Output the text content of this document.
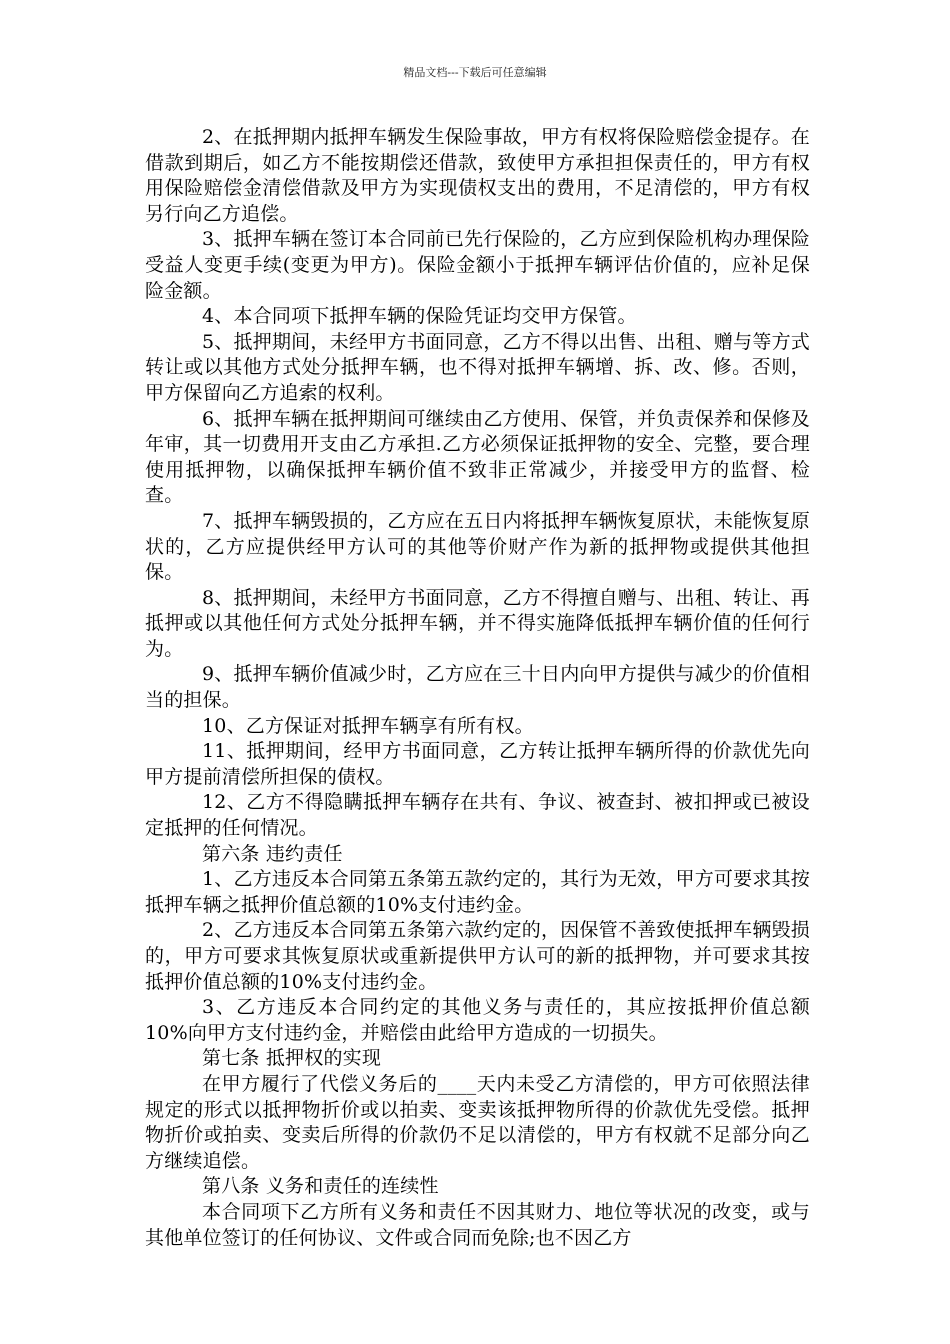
精品文档---下载后可任意编辑

2、在抵押期内抵押车辆发生保险事故，甲方有权将保险赔偿金提存。在借款到期后，如乙方不能按期偿还借款，致使甲方承担担保责任的，甲方有权用保险赔偿金清偿借款及甲方为实现债权支出的费用，不足清偿的，甲方有权另行向乙方追偿。

3、抵押车辆在签订本合同前已先行保险的，乙方应到保险机构办理保险受益人变更手续(变更为甲方)。保险金额小于抵押车辆评估价值的，应补足保险金额。

4、本合同项下抵押车辆的保险凭证均交甲方保管。

5、抵押期间，未经甲方书面同意，乙方不得以出售、出租、赠与等方式转让或以其他方式处分抵押车辆，也不得对抵押车辆增、拆、改、修。否则，甲方保留向乙方追索的权利。

6、抵押车辆在抵押期间可继续由乙方使用、保管，并负责保养和保修及年审，其一切费用开支由乙方承担.乙方必须保证抵押物的安全、完整，要合理使用抵押物，以确保抵押车辆价值不致非正常减少，并接受甲方的监督、检查。

7、抵押车辆毁损的，乙方应在五日内将抵押车辆恢复原状，未能恢复原状的，乙方应提供经甲方认可的其他等价财产作为新的抵押物或提供其他担保。

8、抵押期间，未经甲方书面同意，乙方不得擅自赠与、出租、转让、再抵押或以其他任何方式处分抵押车辆，并不得实施降低抵押车辆价值的任何行为。

9、抵押车辆价值减少时，乙方应在三十日内向甲方提供与减少的价值相当的担保。

10、乙方保证对抵押车辆享有所有权。

11、抵押期间，经甲方书面同意，乙方转让抵押车辆所得的价款优先向甲方提前清偿所担保的债权。

12、乙方不得隐瞒抵押车辆存在共有、争议、被查封、被扣押或已被设定抵押的任何情况。

第六条 违约责任

1、乙方违反本合同第五条第五款约定的，其行为无效，甲方可要求其按抵押车辆之抵押价值总额的10%支付违约金。

2、乙方违反本合同第五条第六款约定的，因保管不善致使抵押车辆毁损的，甲方可要求其恢复原状或重新提供甲方认可的新的抵押物，并可要求其按抵押价值总额的10%支付违约金。

3、乙方违反本合同约定的其他义务与责任的，其应按抵押价值总额10%向甲方支付违约金，并赔偿由此给甲方造成的一切损失。

第七条 抵押权的实现

在甲方履行了代偿义务后的____天内未受乙方清偿的，甲方可依照法律规定的形式以抵押物折价或以拍卖、变卖该抵押物所得的价款优先受偿。抵押物折价或拍卖、变卖后所得的价款仍不足以清偿的，甲方有权就不足部分向乙方继续追偿。

第八条 义务和责任的连续性

本合同项下乙方所有义务和责任不因其财力、地位等状况的改变，或与其他单位签订的任何协议、文件或合同而免除;也不因乙方
